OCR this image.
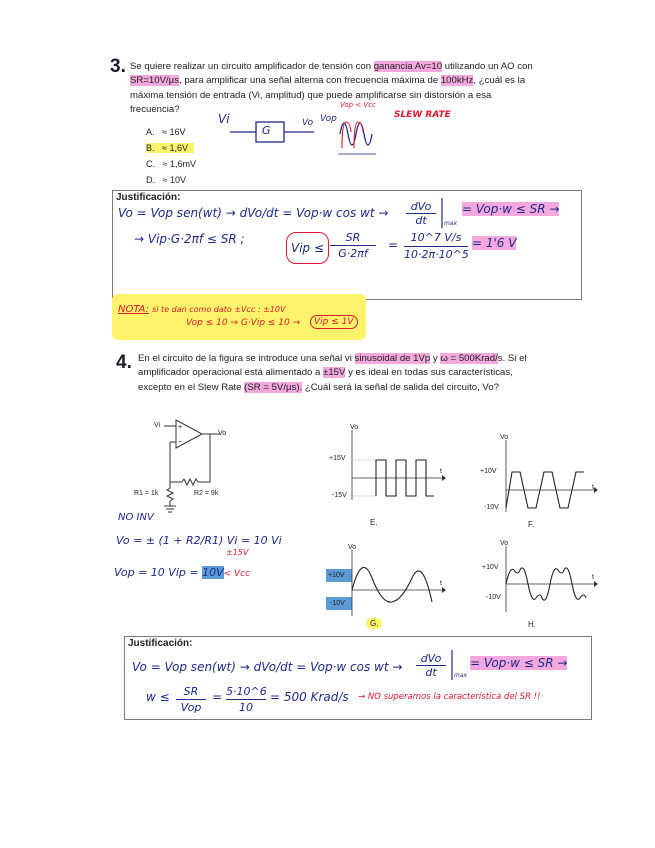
3. Se quiere realizar un circuito amplificador de tensión con ganancia Av=10 utilizando un AO con
SR=10V/µs, para amplificar una señal alterna con frecuencia máxima de 100kHz, ¿cuál es la
máxima tensión de entrada (Vi, amplitud) que puede amplificarse sin distorsión a esa
frecuencia?
A. ≈ 16V
B. ≈ 1,6V
C. ≈ 1,6mV
D. ≈ 10V
Vi
G
Vo Vop
Vop < Vcc
SLEW RATE
Justificación:
Vo = Vop sen(wt) → dVo/dt = Vop·w cos wt →	dVo
dt	max
= Vop·w ≤ SR →
→ Vip·G·2πf ≤ SR ;
Vip ≤ $\frac{SR}{G\cdot 2\pi f} = \frac{10\^{}7 V/s}{10\cdot 2\pi\cdot 10\^{}5} = 1'6$ V
NOTA: si te dan como dato ±Vcc : ±10V
Vop ≤ 10 → G·Vip ≤ 10 →	Vip ≤ 1V
4. En el circuito de la figura se introduce una señal vi sinusoidal de 1Vp y ω = 500Krad/s. Si el
amplificador operacional está alimentado a ±15V y es ideal en todas sus características,
excepto en el Slew Rate (SR = 5V/µs). ¿Cuál será la señal de salida del circuito, Vo?
+
−
Vi
Vo
R1 = 1k	R2 = 9k
NO INV
Vo = ± (1 + R2/R1) Vi = 10 Vi
±15V
Vop = 10 Vip = 10V< Vcc
Vo
t
+15V
-15V
E.
Vo
t
+10V
-10V
F.
Vo
t
+10V
-10V
G.
Vo
t
+10V
-10V
H.
Justificación:
Vo = Vop sen(wt) → dVo/dt = Vop·w cos wt →
dVo
dt	max
= Vop·w ≤ SR →
w ≤	SR
Vop
= $\frac{5\cdot 10\^{}6}{10} = 500$ Krad/s → NO superamos la característica del SR !!
